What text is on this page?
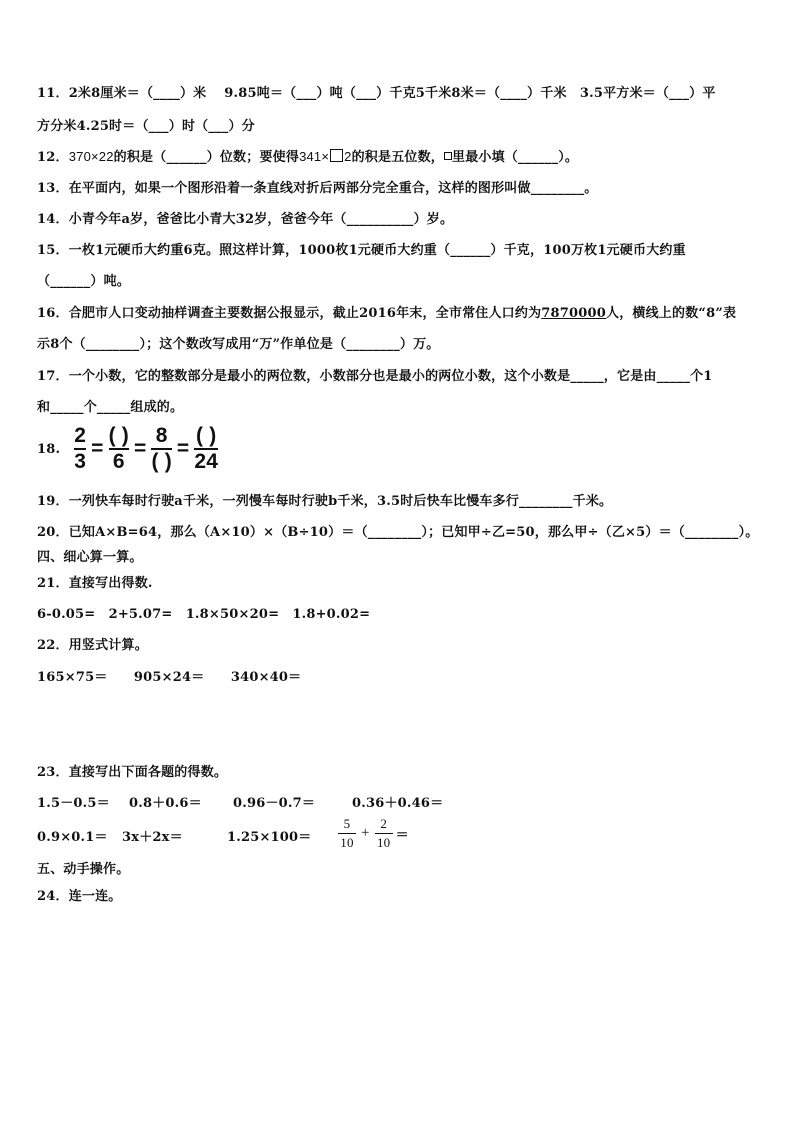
11．2米8厘米＝（____）米　 9.85吨＝（___）吨（___）千克5千米8米＝（____）千米　3.5平方米＝（___）平
方分米4.25时＝（___）时（___）分
12．370×22的积是（______）位数；要使得341× 2的积是五位数， 里最小填（______）。
13．在平面内，如果一个图形沿着一条直线对折后两部分完全重合，这样的图形叫做________。
14．小青今年a岁，爸爸比小青大32岁，爸爸今年（__________）岁。
15．一枚1元硬币大约重6克。照这样计算，1000枚1元硬币大约重（______）千克，100万枚1元硬币大约重
（______）吨。
16．合肥市人口变动抽样调查主要数据公报显示，截止2016年末，全市常住人口约为7870000人，横线上的数“8”表
示8个（________）；这个数改写成用“万”作单位是（________）万。
17．一个小数，它的整数部分是最小的两位数，小数部分也是最小的两位小数，这个小数是_____，它是由_____个1
和_____个_____组成的。
18. $\frac{2}{3} = \frac{( )}{6} = \frac{8}{( )} = \frac{( )}{24}$
19．一列快车每时行驶a千米，一列慢车每时行驶b千米，3.5时后快车比慢车多行________千米。
20．已知A×B=64，那么（A×10）×（B÷10）＝（________）；已知甲÷乙=50，那么甲÷（乙×5）＝（________）。
四、细心算一算。
21．直接写出得数.
6-0.05=　2+5.07=　1.8×50×20=　1.8+0.02=
22．用竖式计算。
165×75＝　　905×24＝　　340×40＝
23．直接写出下面各题的得数。
1.5－0.5＝ 0.8＋0.6＝ 0.96－0.7＝	0.36＋0.46＝
0.9×0.1＝ 3x＋2x＝	$1.25\times 100= \frac{5}{10} + \frac{2}{10}$ ＝
五、动手操作。
24．连一连。
